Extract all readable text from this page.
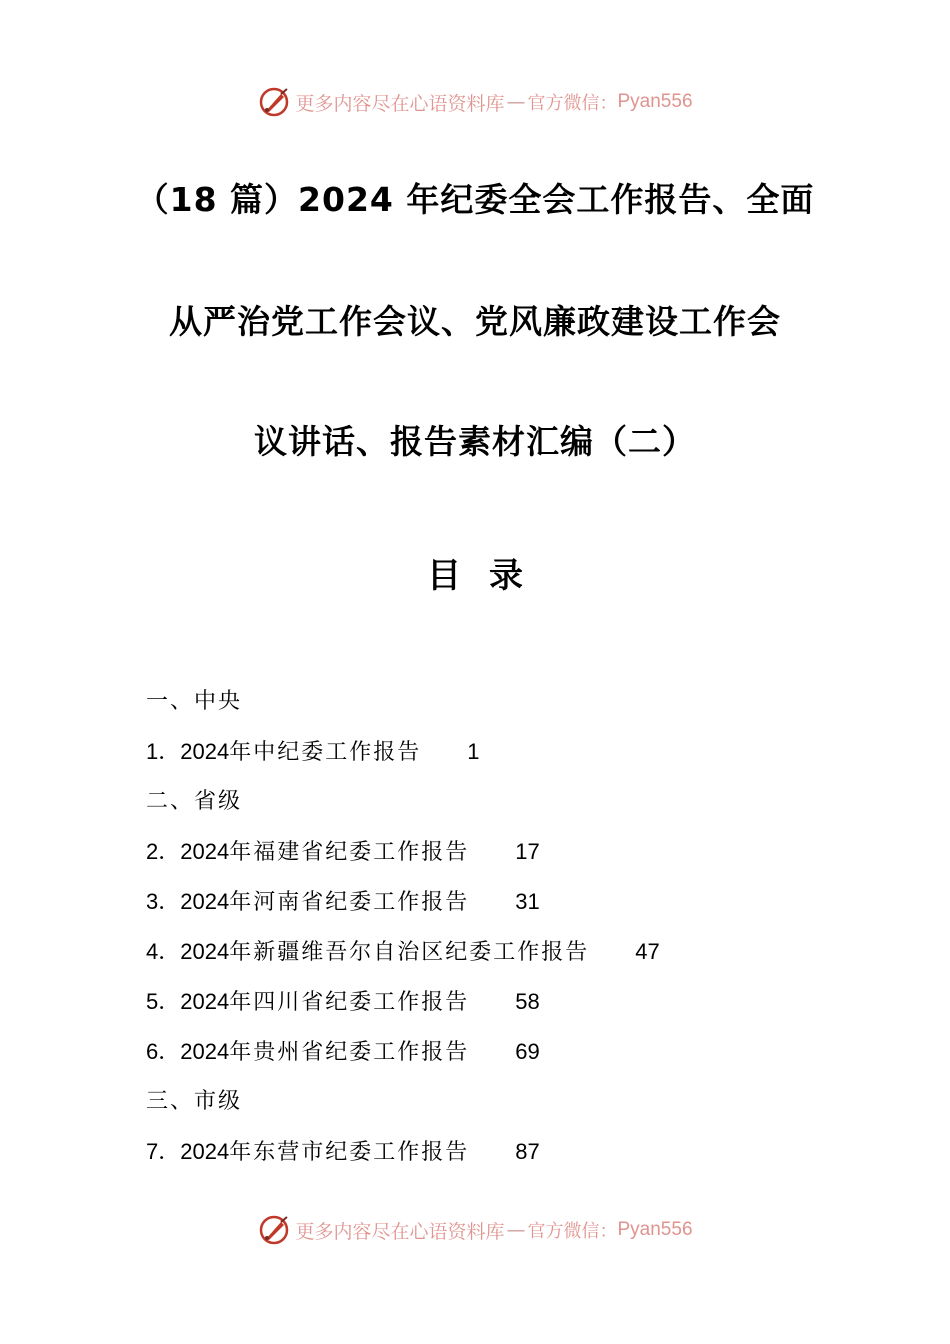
更多内容尽在心语资料库 — 官方微信： Pyan556
（18 篇）2024 年纪委全会工作报告、全面
从严治党工作会议、党风廉政建设工作会
议讲话、报告素材汇编（二）
目录
一、中央
1．2024年中纪委工作报告 1
二、省级
2．2024年福建省纪委工作报告 17
3．2024年河南省纪委工作报告 31
4．2024年新疆维吾尔自治区纪委工作报告 47
5．2024年四川省纪委工作报告 58
6．2024年贵州省纪委工作报告 69
三、市级
7．2024年东营市纪委工作报告 87
更多内容尽在心语资料库 — 官方微信： Pyan556
